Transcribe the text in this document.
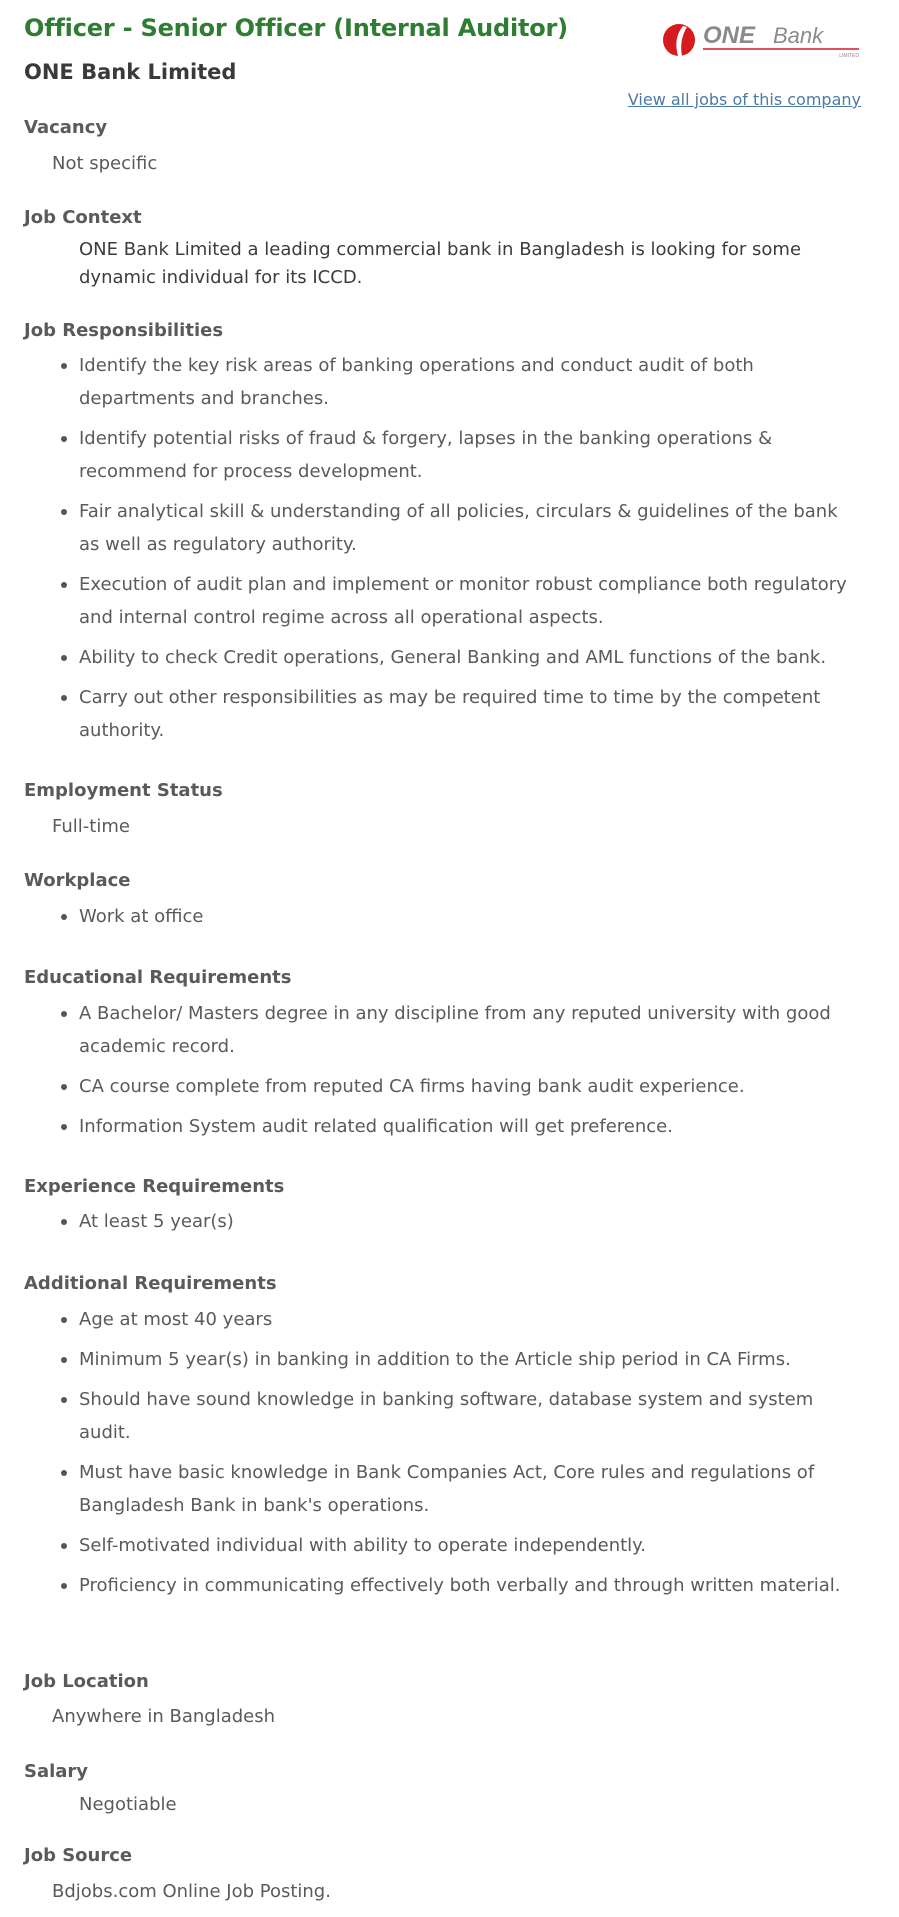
Officer - Senior Officer (Internal Auditor)
ONE Bank Limited
ONE Bank
LIMITED
View all jobs of this company
Vacancy

Not specific

Job Context

ONE Bank Limited a leading commercial bank in Bangladesh is looking for some dynamic individual for its ICCD.

Job Responsibilities
Identify the key risk areas of banking operations and conduct audit of both departments and branches.
Identify potential risks of fraud & forgery, lapses in the banking operations & recommend for process development.
Fair analytical skill & understanding of all policies, circulars & guidelines of the bank as well as regulatory authority.
Execution of audit plan and implement or monitor robust compliance both regulatory and internal control regime across all operational aspects.
Ability to check Credit operations, General Banking and AML functions of the bank.
Carry out other responsibilities as may be required time to time by the competent authority.
Employment Status

Full-time

Workplace
Work at office
Educational Requirements
A Bachelor/ Masters degree in any discipline from any reputed university with good academic record.
CA course complete from reputed CA firms having bank audit experience.
Information System audit related qualification will get preference.
Experience Requirements
At least 5 year(s)
Additional Requirements
Age at most 40 years
Minimum 5 year(s) in banking in addition to the Article ship period in CA Firms.
Should have sound knowledge in banking software, database system and system audit.
Must have basic knowledge in Bank Companies Act, Core rules and regulations of Bangladesh Bank in bank's operations.
Self-motivated individual with ability to operate independently.
Proficiency in communicating effectively both verbally and through written material.
Job Location

Anywhere in Bangladesh

Salary

Negotiable

Job Source

Bdjobs.com Online Job Posting.
